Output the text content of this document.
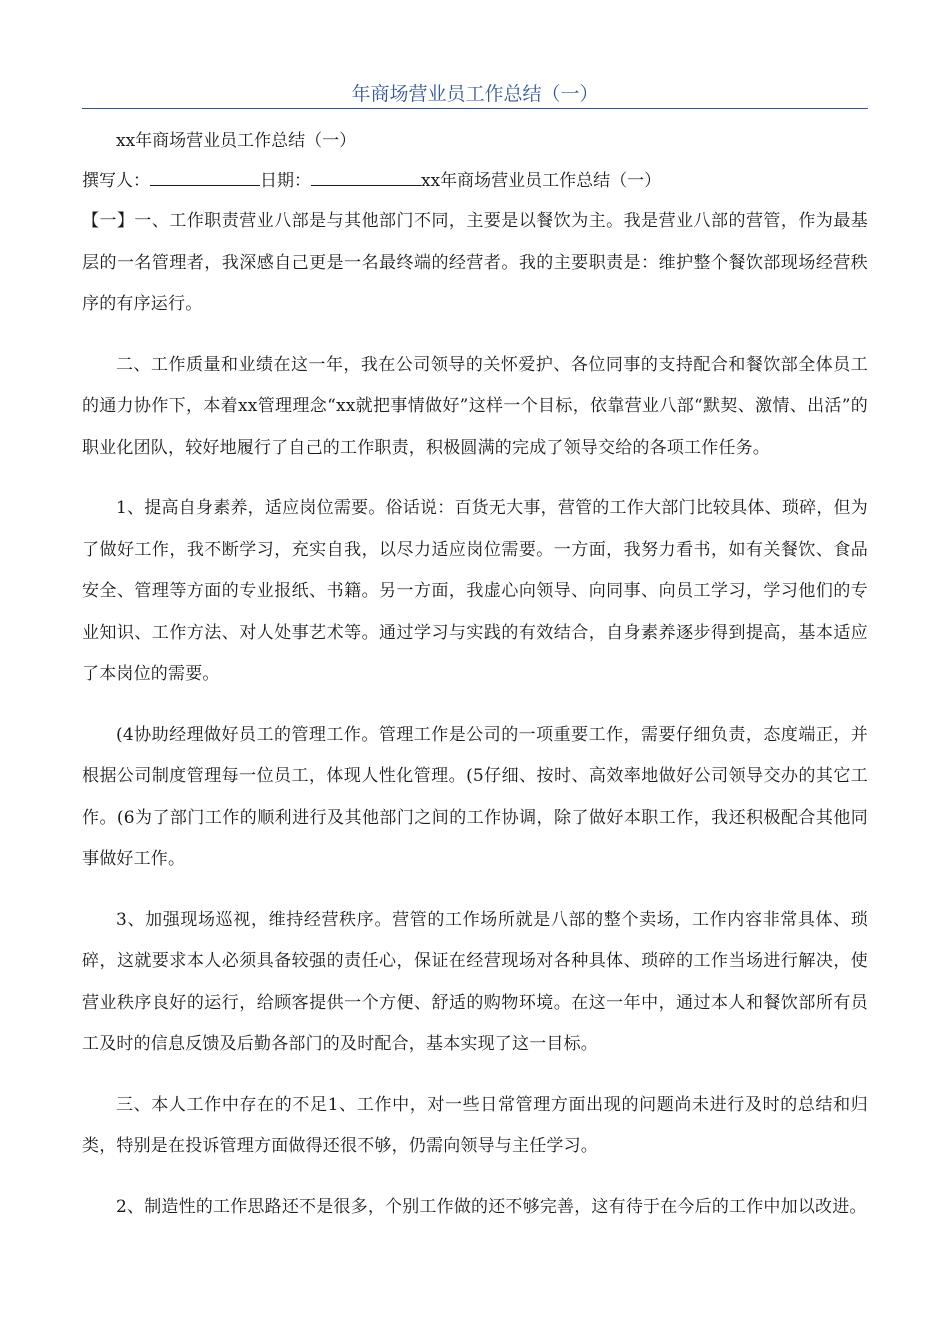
年商场营业员工作总结（一）
xx年商场营业员工作总结（一）
撰写人：	日期：	xx年商场营业员工作总结（一）

【一】一、工作职责营业八部是与其他部门不同，主要是以餐饮为主。我是营业八部的营管，作为最基层的一名管理者，我深感自己更是一名最终端的经营者。我的主要职责是：维护整个餐饮部现场经营秩序的有序运行。

二、工作质量和业绩在这一年，我在公司领导的关怀爱护、各位同事的支持配合和餐饮部全体员工的通力协作下，本着xx管理理念“xx就把事情做好”这样一个目标，依靠营业八部“默契、激情、出活”的职业化团队，较好地履行了自己的工作职责，积极圆满的完成了领导交给的各项工作任务。

1、提高自身素养，适应岗位需要。俗话说：百货无大事，营管的工作大部门比较具体、琐碎，但为了做好工作，我不断学习，充实自我，以尽力适应岗位需要。一方面，我努力看书，如有关餐饮、食品安全、管理等方面的专业报纸、书籍。另一方面，我虚心向领导、向同事、向员工学习，学习他们的专业知识、工作方法、对人处事艺术等。通过学习与实践的有效结合，自身素养逐步得到提高，基本适应了本岗位的需要。

(4协助经理做好员工的管理工作。管理工作是公司的一项重要工作，需要仔细负责，态度端正，并根据公司制度管理每一位员工，体现人性化管理。(5仔细、按时、高效率地做好公司领导交办的其它工作。(6为了部门工作的顺利进行及其他部门之间的工作协调，除了做好本职工作，我还积极配合其他同事做好工作。

3、加强现场巡视，维持经营秩序。营管的工作场所就是八部的整个卖场，工作内容非常具体、琐碎，这就要求本人必须具备较强的责任心，保证在经营现场对各种具体、琐碎的工作当场进行解决，使营业秩序良好的运行，给顾客提供一个方便、舒适的购物环境。在这一年中，通过本人和餐饮部所有员工及时的信息反馈及后勤各部门的及时配合，基本实现了这一目标。

三、本人工作中存在的不足1、工作中，对一些日常管理方面出现的问题尚未进行及时的总结和归类，特别是在投诉管理方面做得还很不够，仍需向领导与主任学习。

2、制造性的工作思路还不是很多，个别工作做的还不够完善，这有待于在今后的工作中加以改进。
